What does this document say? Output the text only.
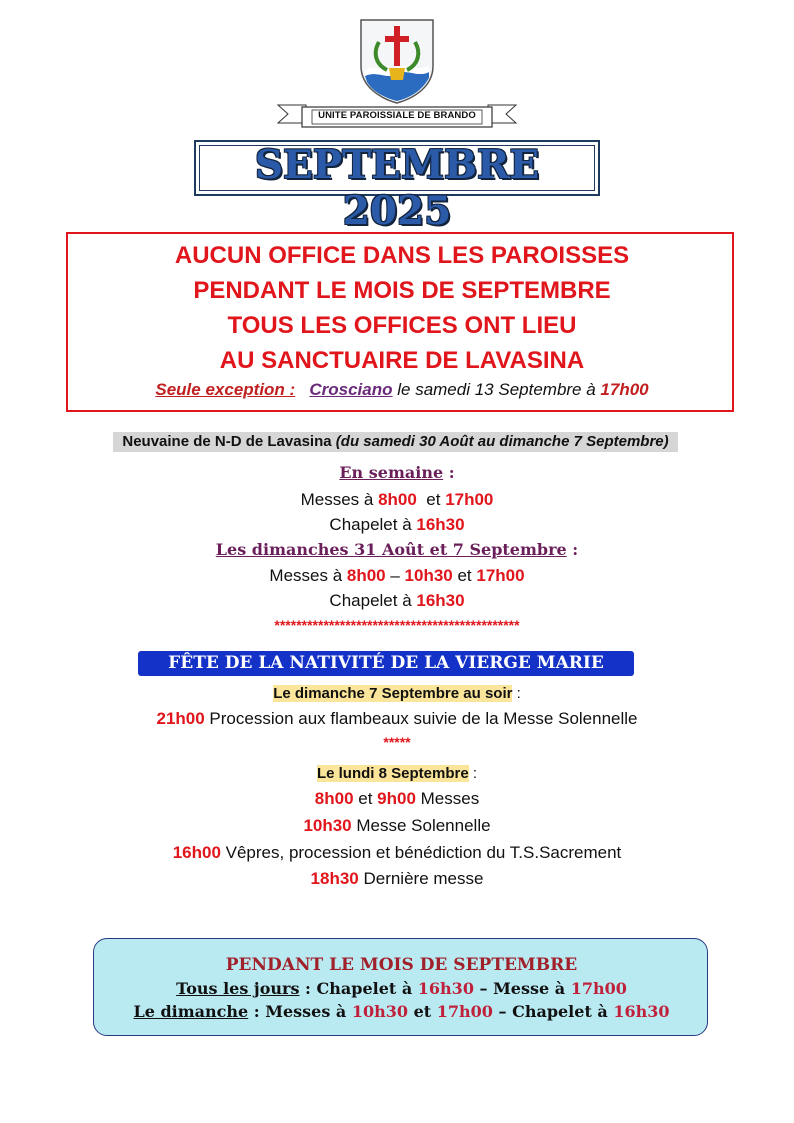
UNITE PAROISSIALE DE BRANDO
SEPTEMBRE 2025
AUCUN OFFICE DANS LES PAROISSES
PENDANT LE MOIS DE SEPTEMBRE
TOUS LES OFFICES ONT LIEU
AU SANCTUAIRE DE LAVASINA
Seule exception : Crosciano le samedi 13 Septembre à 17h00
Neuvaine de N-D de Lavasina (du samedi 30 Août au dimanche 7 Septembre)
En semaine :
Messes à 8h00  et 17h00
Chapelet à 16h30
Les dimanches 31 Août et 7 Septembre :
Messes à 8h00 – 10h30 et 17h00
Chapelet à 16h30
*********************************************
FÊTE DE LA NATIVITÉ DE LA VIERGE MARIE
Le dimanche 7 Septembre au soir :
21h00 Procession aux flambeaux suivie de la Messe Solennelle
*****
Le lundi 8 Septembre :
8h00 et 9h00 Messes
10h30 Messe Solennelle
16h00 Vêpres, procession et bénédiction du T.S.Sacrement
18h30 Dernière messe
PENDANT LE MOIS DE SEPTEMBRE
Tous les jours : Chapelet à 16h30 – Messe à 17h00
Le dimanche : Messes à 10h30 et 17h00 – Chapelet à 16h30
